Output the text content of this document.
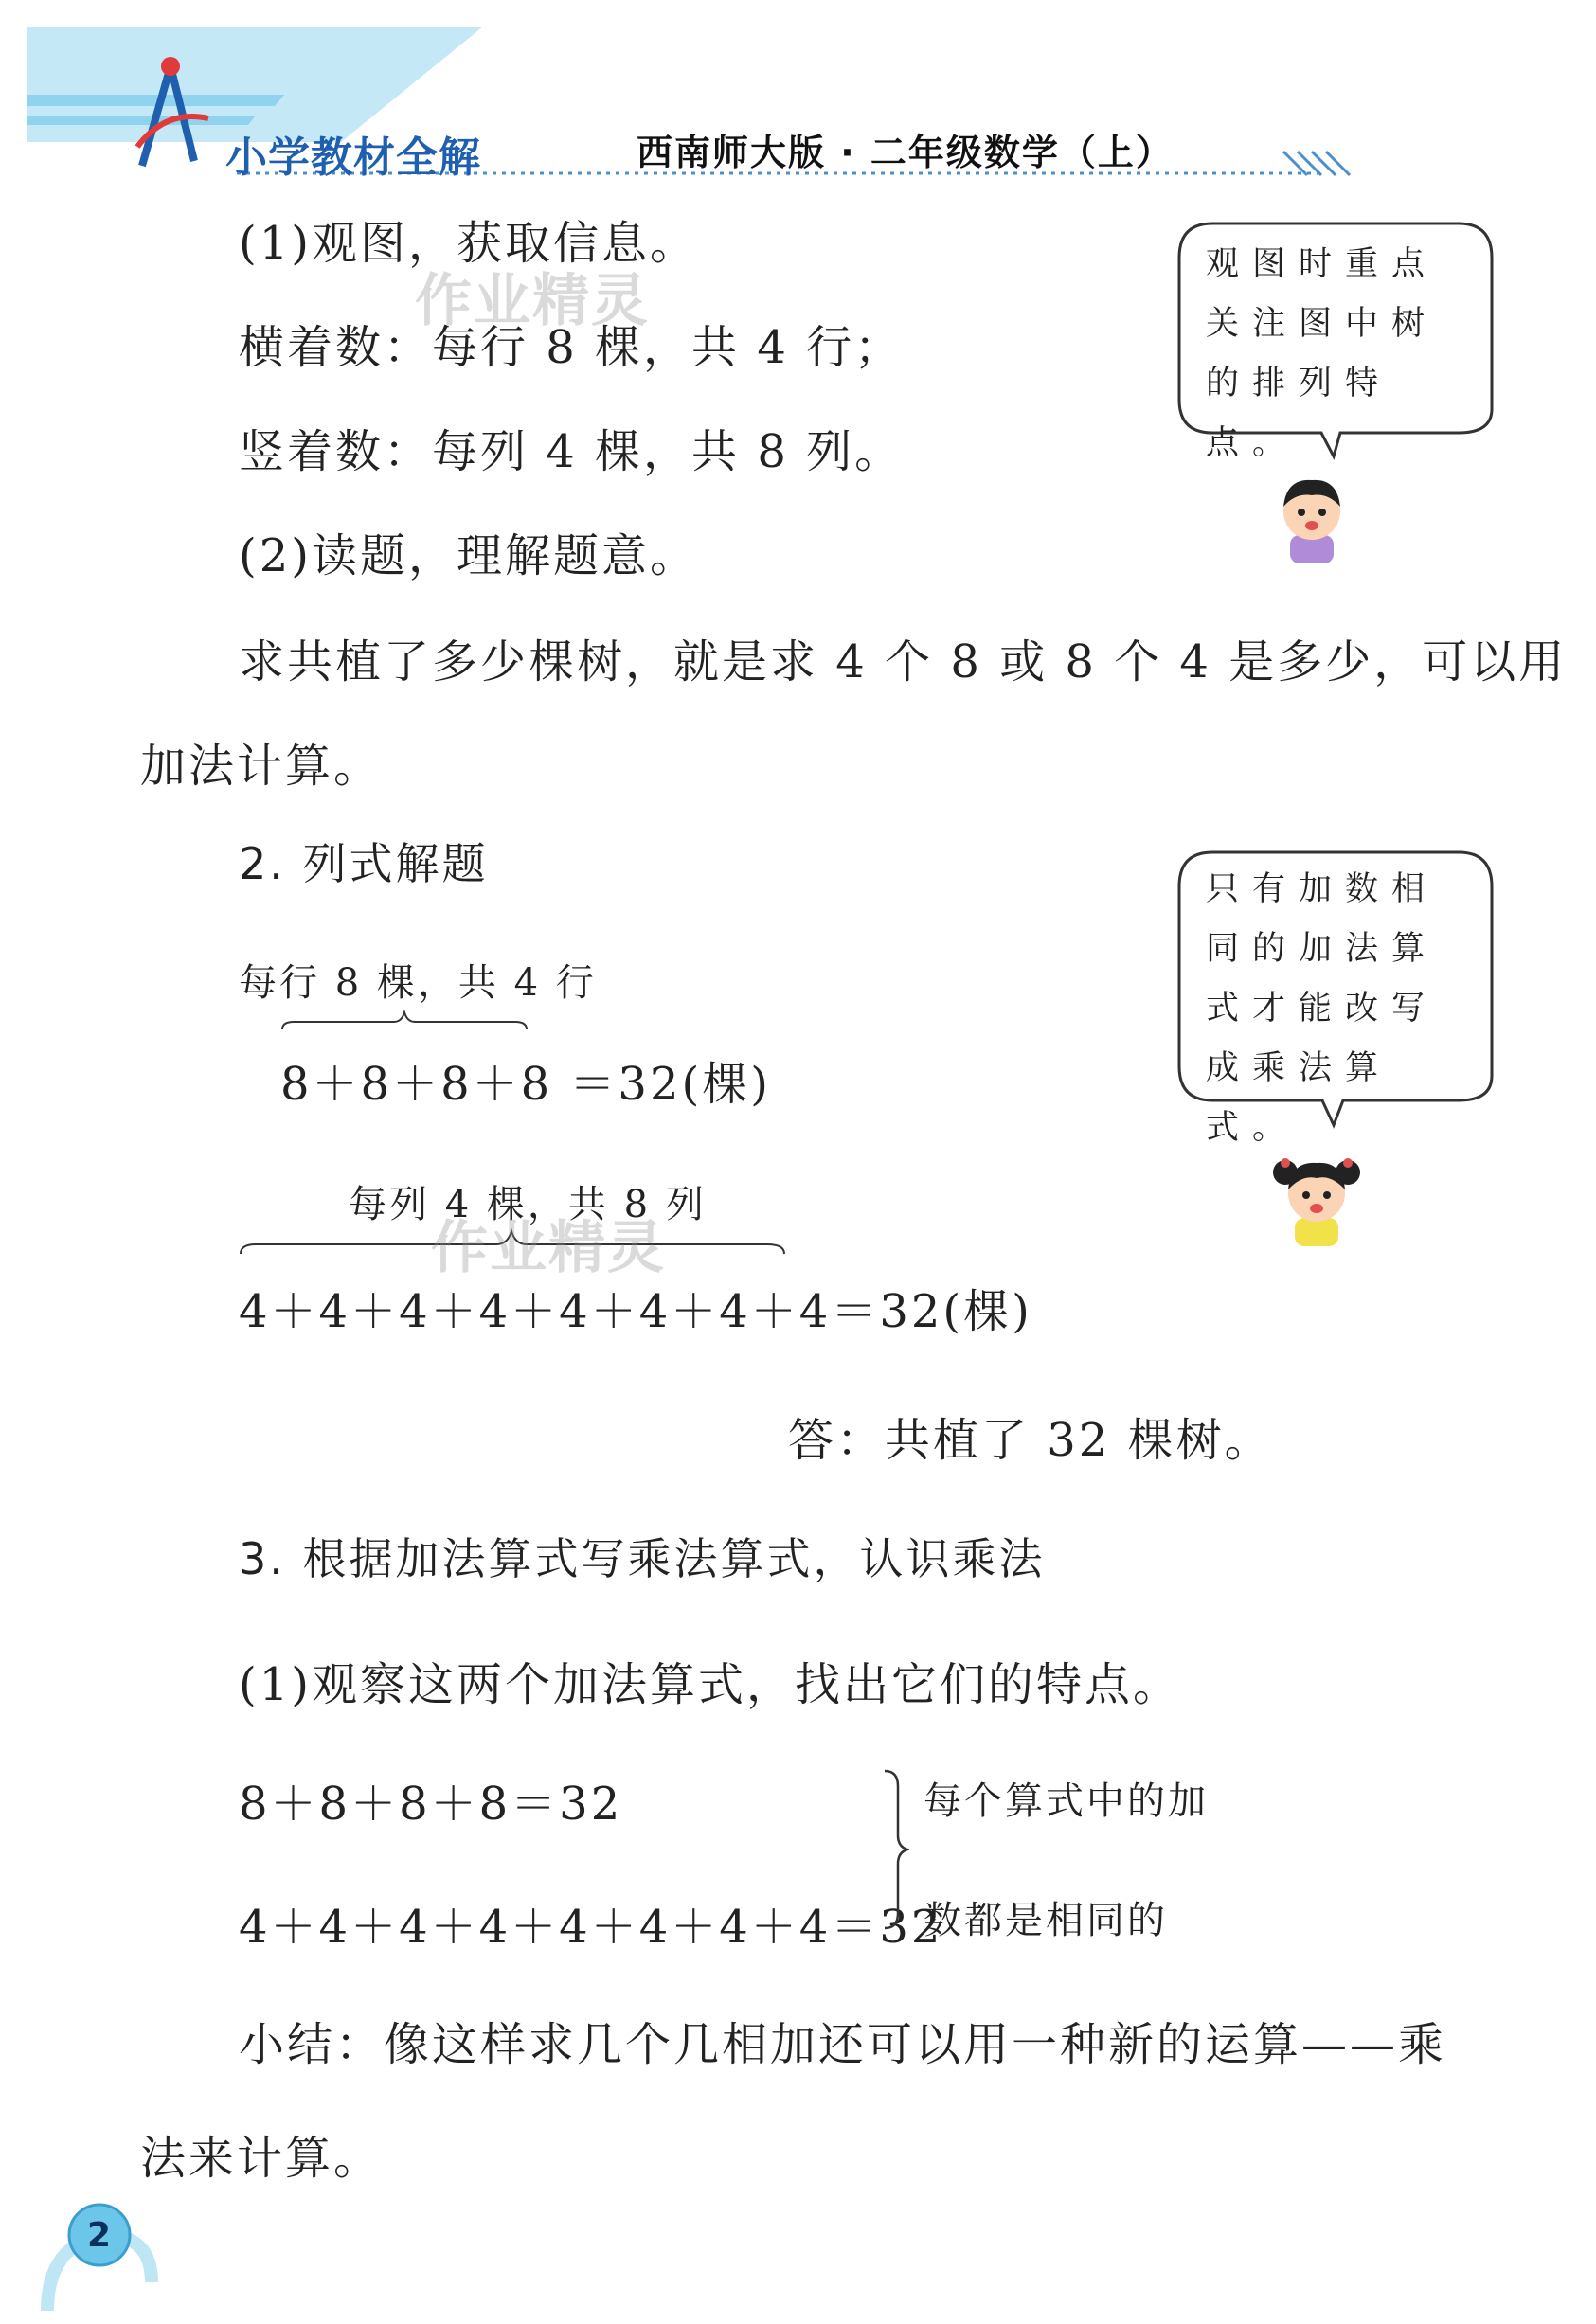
小学教材全解	西南师大版 · 二年级数学（上）
(1)观图，获取信息。
横着数：每行 8 棵，共 4 行；
竖着数：每列 4 棵，共 8 列。
(2)读题，理解题意。
求共植了多少棵树，就是求 4 个 8 或 8 个 4 是多少，可以用
加法计算。
作业精灵
观图时重点关注图中树的排列特点。
2. 列式解题
每行 8 棵，共 4 行
8＋8＋8＋8 ＝32(棵)
每列 4 棵，共 8 列
4＋4＋4＋4＋4＋4＋4＋4＝32(棵)
作业精灵
答：共植了 32 棵树。
只有加数相同的加法算式才能改写成乘法算式。
3. 根据加法算式写乘法算式，认识乘法
(1)观察这两个加法算式，找出它们的特点。
8＋8＋8＋8＝32
4＋4＋4＋4＋4＋4＋4＋4＝32
每个算式中的加
数都是相同的
小结：像这样求几个几相加还可以用一种新的运算——乘
法来计算。
2
